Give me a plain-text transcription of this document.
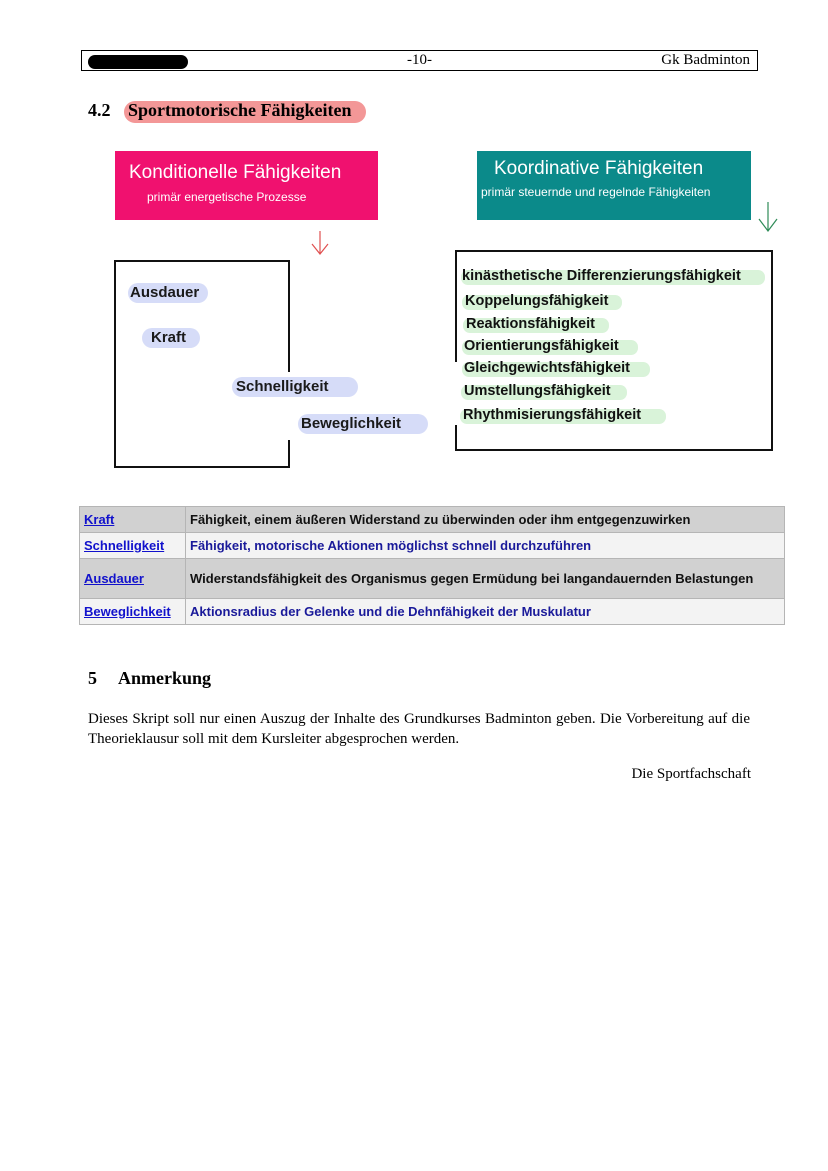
-10-	Gk Badminton
4.2 Sportmotorische Fähigkeiten
Konditionelle Fähigkeiten
primär energetische Prozesse
Koordinative Fähigkeiten
primär steuernde und regelnde Fähigkeiten
Ausdauer
Kraft
Schnelligkeit
Beweglichkeit
kinästhetische Differenzierungsfähigkeit
Koppelungsfähigkeit
Reaktionsfähigkeit
Orientierungsfähigkeit
Gleichgewichtsfähigkeit
Umstellungsfähigkeit
Rhythmisierungsfähigkeit
Kraft	Fähigkeit, einem äußeren Widerstand zu überwinden oder ihm entgegenzuwirken
Schnelligkeit	Fähigkeit, motorische Aktionen möglichst schnell durchzuführen
Ausdauer	Widerstandsfähigkeit des Organismus gegen Ermüdung bei langandauernden Belastungen
Beweglichkeit	Aktionsradius der Gelenke und die Dehnfähigkeit der Muskulatur
5 Anmerkung
Dieses Skript soll nur einen Auszug der Inhalte des Grundkurses Badminton geben. Die Vorbereitung auf die Theorieklausur soll mit dem Kursleiter abgesprochen werden.
Die Sportfachschaft
